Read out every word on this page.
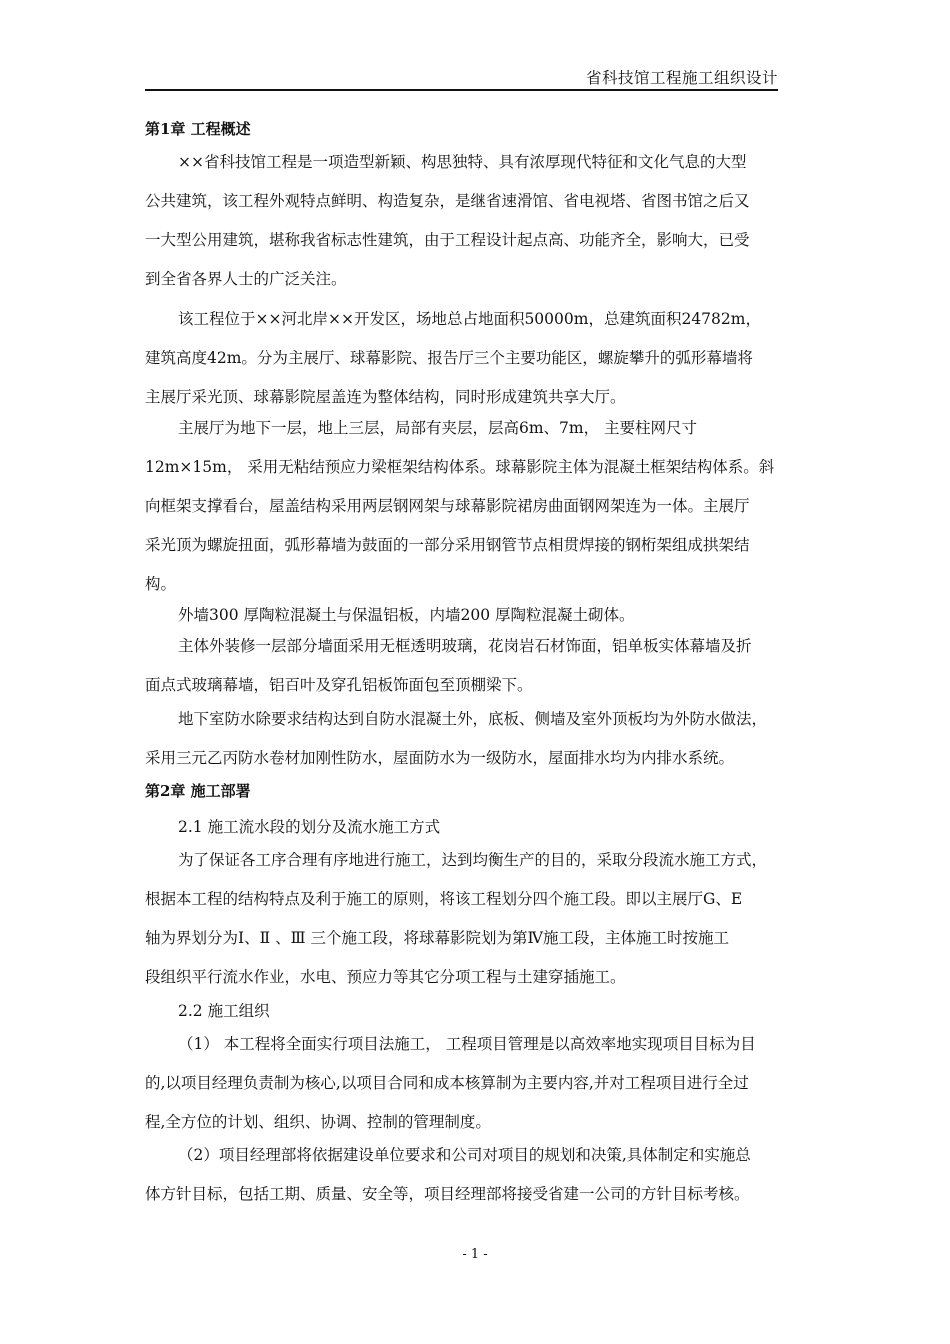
省科技馆工程施工组织设计
第1章 工程概述
××省科技馆工程是一项造型新颖、构思独特、具有浓厚现代特征和文化气息的大型
公共建筑，该工程外观特点鲜明、构造复杂，是继省速滑馆、省电视塔、省图书馆之后又
一大型公用建筑，堪称我省标志性建筑，由于工程设计起点高、功能齐全，影响大，已受
到全省各界人士的广泛关注。
该工程位于××河北岸××开发区，场地总占地面积50000m，总建筑面积24782m，
建筑高度42m。分为主展厅、球幕影院、报告厅三个主要功能区，螺旋攀升的弧形幕墙将
主展厅采光顶、球幕影院屋盖连为整体结构，同时形成建筑共享大厅。
主展厅为地下一层，地上三层，局部有夹层，层高6m、7m， 主要柱网尺寸
12m×15m， 采用无粘结预应力梁框架结构体系。球幕影院主体为混凝土框架结构体系。斜
向框架支撑看台，屋盖结构采用两层钢网架与球幕影院裙房曲面钢网架连为一体。主展厅
采光顶为螺旋扭面，弧形幕墙为鼓面的一部分采用钢管节点相贯焊接的钢桁架组成拱架结
构。
外墙300 厚陶粒混凝土与保温铝板，内墙200 厚陶粒混凝土砌体。
主体外装修一层部分墙面采用无框透明玻璃，花岗岩石材饰面，铝单板实体幕墙及折
面点式玻璃幕墙，铝百叶及穿孔铝板饰面包至顶棚梁下。
地下室防水除要求结构达到自防水混凝土外，底板、侧墙及室外顶板均为外防水做法，
采用三元乙丙防水卷材加刚性防水，屋面防水为一级防水，屋面排水均为内排水系统。
第2章 施工部署
2.1 施工流水段的划分及流水施工方式
为了保证各工序合理有序地进行施工，达到均衡生产的目的，采取分段流水施工方式，
根据本工程的结构特点及利于施工的原则，将该工程划分四个施工段。即以主展厅G、E
轴为界划分为Ⅰ、Ⅱ 、Ⅲ 三个施工段，将球幕影院划为第Ⅳ施工段，主体施工时按施工
段组织平行流水作业，水电、预应力等其它分项工程与土建穿插施工。
2.2 施工组织
（1） 本工程将全面实行项目法施工， 工程项目管理是以高效率地实现项目目标为目
的,以项目经理负责制为核心,以项目合同和成本核算制为主要内容,并对工程项目进行全过
程,全方位的计划、组织、协调、控制的管理制度。
（2）项目经理部将依据建设单位要求和公司对项目的规划和决策,具体制定和实施总
体方针目标，包括工期、质量、安全等，项目经理部将接受省建一公司的方针目标考核。
- 1 -
